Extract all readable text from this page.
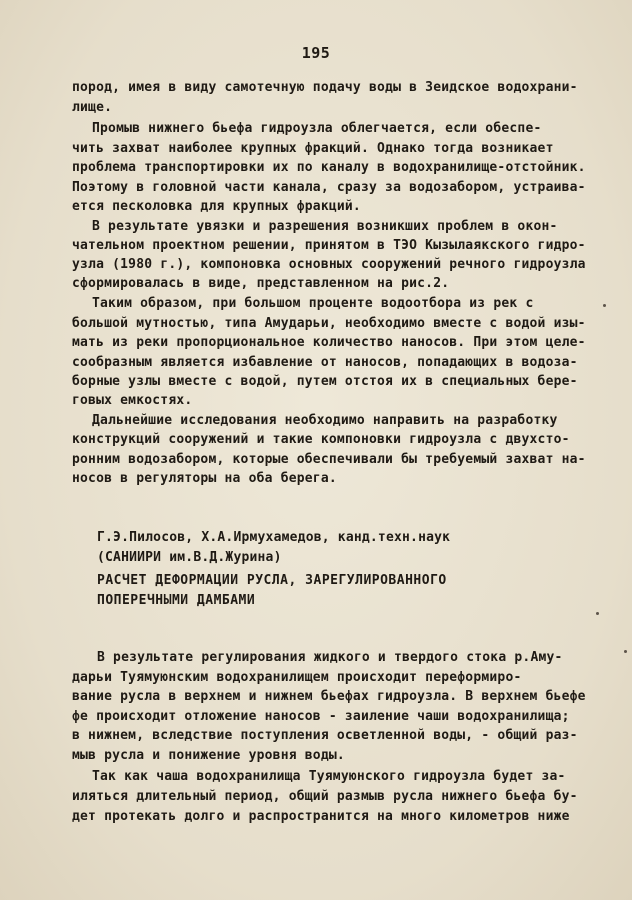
195
пород, имея в виду самотечную подачу воды в Зеидское водохрани-
лище.
Промыв нижнего бьефа гидроузла облегчается, если обеспе-
чить захват наиболее крупных фракций. Однако тогда возникает
проблема транспортировки их по каналу в водохранилище-отстойник.
Поэтому в головной части канала, сразу за водозабором, устраива-
ется песколовка для крупных фракций.
В результате увязки и разрешения возникших проблем в окон-
чательном проектном решении, принятом в ТЭО Кызылаякского гидро-
узла (1980 г.), компоновка основных сооружений речного гидроузла
сформировалась в виде, представленном на рис.2.
Таким образом, при большом проценте водоотбора из рек с
большой мутностью, типа Амударьи, необходимо вместе с водой изы-
мать из реки пропорциональное количество наносов. При этом целе-
сообразным является избавление от наносов, попадающих в водоза-
борные узлы вместе с водой, путем отстоя их в специальных бере-
говых емкостях.
Дальнейшие исследования необходимо направить на разработку
конструкций сооружений и такие компоновки гидроузла с двухсто-
ронним водозабором, которые обеспечивали бы требуемый захват на-
носов в регуляторы на оба берега.
Г.Э.Пилосов, Х.А.Ирмухамедов, канд.техн.наук
(САНИИРИ им.В.Д.Журина)
РАСЧЕТ ДЕФОРМАЦИИ РУСЛА, ЗАРЕГУЛИРОВАННОГО
ПОПЕРЕЧНЫМИ ДАМБАМИ
В результате регулирования жидкого и твердого стока р.Аму-
дарьи Туямуюнским водохранилищем происходит переформиро-
вание русла в верхнем и нижнем бьефах гидроузла. В верхнем бьефе
фе происходит отложение наносов - заиление чаши водохранилища;
в нижнем, вследствие поступления осветленной воды, - общий раз-
мыв русла и понижение уровня воды.
Так как чаша водохранилища Туямуюнского гидроузла будет за-
иляться длительный период, общий размыв русла нижнего бьефа бу-
дет протекать долго и распространится на много километров ниже
